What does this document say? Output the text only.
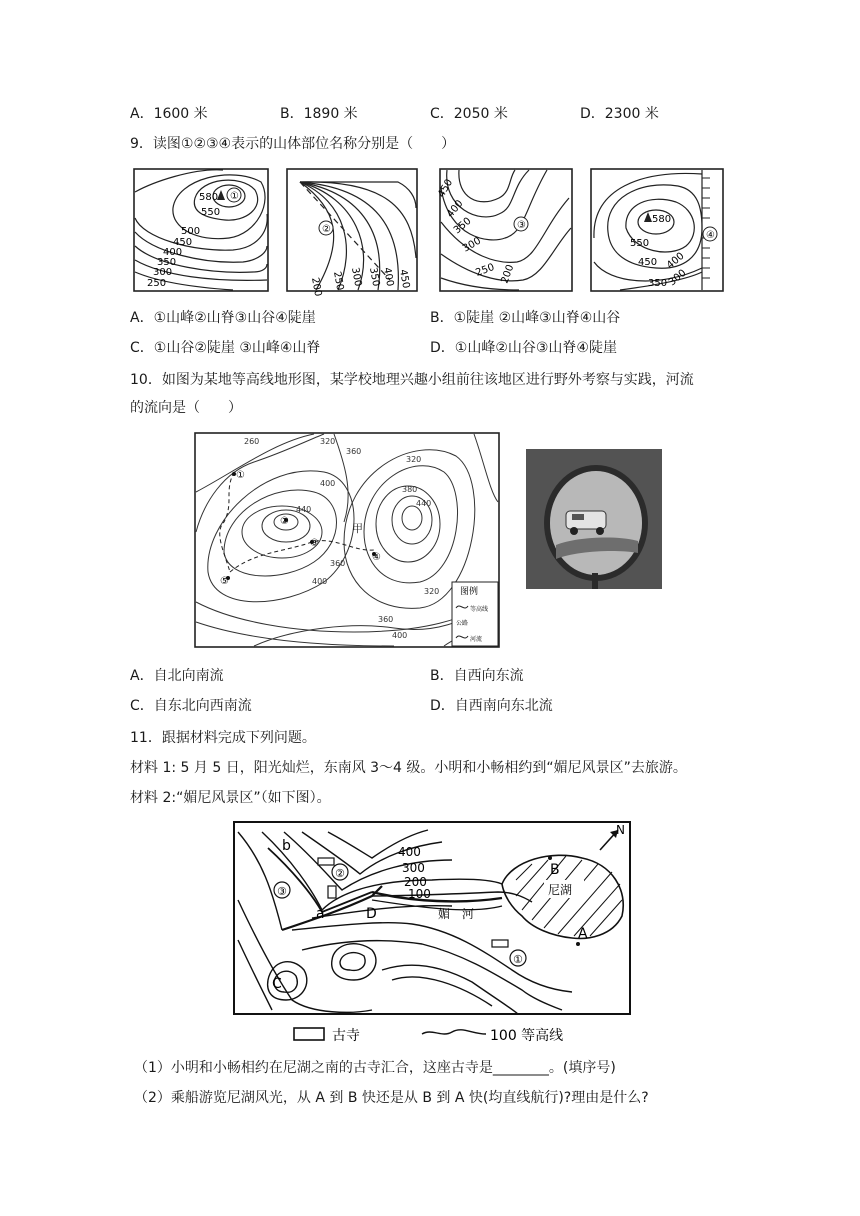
A．1600 米	B．1890 米	C．2050 米	D．2300 米
9．读图①②③④表示的山体部位名称分别是（　　）
580 ①
550
500
450
400
350
300
250
②
200 250 300 350 400 450
③
450
400
350
300
250 200
580
550
450 400
350 300
④
A．①山峰②山脊③山谷④陡崖	B．①陡崖 ②山峰③山脊④山谷
C．①山谷②陡崖 ③山峰④山脊	D．①山峰②山谷③山脊④陡崖
10．如图为某地等高线地形图，某学校地理兴趣小组前往该地区进行野外考察与实践，河流
的流向是（　　）
260	320
360
320
400
380
440
440
甲
360
400
320
360
400
①
②
③
④
⑤
图例
等高线
公路
河流
A．自北向南流	B．自西向东流
C．自东北向西南流	D．自西南向东北流
11．跟据材料完成下列问题。
材料 1: 5 月 5 日，阳光灿烂，东南风 3～4 级。小明和小畅相约到“媚尼风景区”去旅游。
材料 2:“媚尼风景区”（如下图）。
尼湖
媚　河
400
300
200
100
b
a	D
C
B
A
③
②
①
N
古寺	100 等高线
（1）小明和小畅相约在尼湖之南的古寺汇合，这座古寺是________。(填序号)
（2）乘船游览尼湖风光，从 A 到 B 快还是从 B 到 A 快(均直线航行)?理由是什么?
